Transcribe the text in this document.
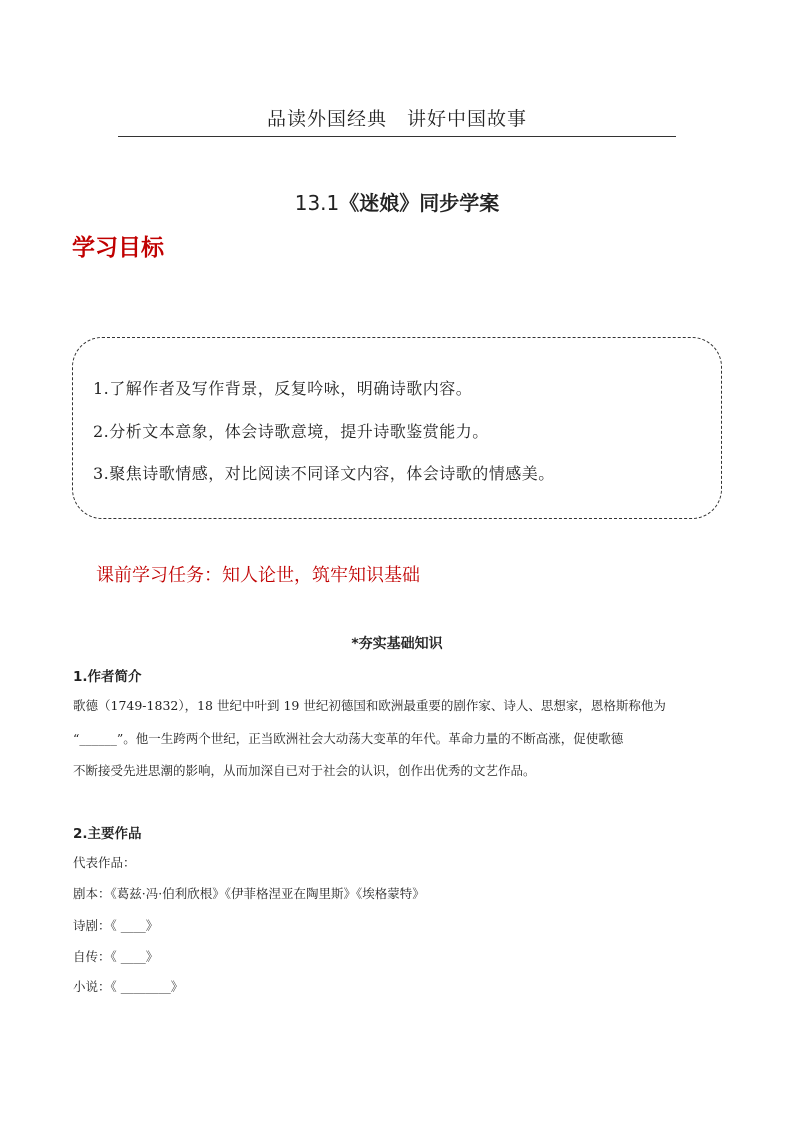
品读外国经典　讲好中国故事
13.1《迷娘》同步学案
学习目标
1.了解作者及写作背景，反复吟咏，明确诗歌内容。
2.分析文本意象，体会诗歌意境，提升诗歌鉴赏能力。
3.聚焦诗歌情感，对比阅读不同译文内容，体会诗歌的情感美。
课前学习任务：知人论世，筑牢知识基础
*夯实基础知识
1.作者简介
歌德（1749-1832），18 世纪中叶到 19 世纪初德国和欧洲最重要的剧作家、诗人、思想家，恩格斯称他为
“______”。他一生跨两个世纪，正当欧洲社会大动荡大变革的年代。革命力量的不断高涨，促使歌德
不断接受先进思潮的影响，从而加深自已对于社会的认识，创作出优秀的文艺作品。
2.主要作品
代表作品：
剧本：《葛兹·冯·伯利欣根》《伊菲格涅亚在陶里斯》《埃格蒙特》
诗剧：《 ____》
自传：《 ____》
小说：《 ________》
